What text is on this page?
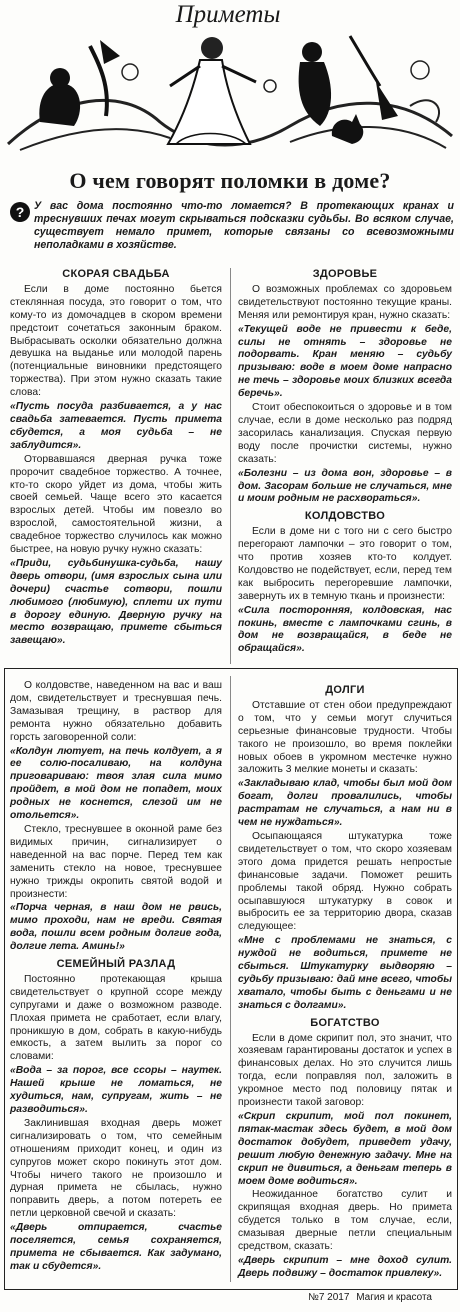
Приметы
О чем говорят поломки в доме?
? У вас дома постоянно что-то ломается? В протекающих кранах и треснувших печах могут скрываться подсказки судьбы. Во всяком случае, существует немало примет, которые связаны со всевозможными неполадками в хозяйстве.

СКОРАЯ СВАДЬБА

Если в доме постоянно бьется стеклянная посуда, это говорит о том, что кому-то из домочадцев в скором времени предстоит сочетаться законным браком. Выбрасывать осколки обязательно должна девушка на выданье или молодой парень (потенциальные виновники предстоящего торжества). При этом нужно сказать такие слова:

«Пусть посуда разбивается, а у нас свадьба затевается. Пусть примета сбудется, а моя судьба – не заблудится».

Оторвавшаяся дверная ручка тоже пророчит свадебное торжество. А точнее, кто-то скоро уйдет из дома, чтобы жить своей семьей. Чаще всего это касается взрослых детей. Чтобы им повезло во взрослой, самостоятельной жизни, а свадебное торжество случилось как можно быстрее, на новую ручку нужно сказать:

«Приди, судьбинушка-судьба, нашу дверь отвори, (имя взрослых сына или дочери) счастье сотвори, пошли любимого (любимую), сплети их пути в дорогу единую. Дверную ручку на место возвращаю, примете сбыться завещаю».

ЗДОРОВЬЕ

О возможных проблемах со здоровьем свидетельствуют постоянно текущие краны. Меняя или ремонтируя кран, нужно сказать:

«Текущей воде не привести к беде, силы не отнять – здоровье не подорвать. Кран меняю – судьбу призываю: воде в моем доме напрасно не течь – здоровье моих близких всегда беречь».

Стоит обеспокоиться о здоровье и в том случае, если в доме несколько раз подряд засорилась канализация. Спуская первую воду после прочистки системы, нужно сказать:

«Болезни – из дома вон, здоровье – в дом. Засорам больше не случаться, мне и моим родным не расхвораться».

КОЛДОВСТВО

Если в доме ни с того ни с сего быстро перегорают лампочки – это говорит о том, что против хозяев кто-то колдует. Колдовство не подействует, если, перед тем как выбросить перегоревшие лампочки, завернуть их в темную ткань и произнести:

«Сила посторонняя, колдовская, нас покинь, вместе с лампочками сгинь, в дом не возвращайся, в беде не обращайся».

О колдовстве, наведенном на вас и ваш дом, свидетельствует и треснувшая печь. Замазывая трещину, в раствор для ремонта нужно обязательно добавить горсть заговоренной соли:

«Колдун лютует, на печь колдует, а я ее солю-посаливаю, на колдуна приговариваю: твоя злая сила мимо пройдет, в мой дом не попадет, моих родных не коснется, слезой им не отольется».

Стекло, треснувшее в оконной раме без видимых причин, сигнализирует о наведенной на вас порче. Перед тем как заменить стекло на новое, треснувшее нужно трижды окропить святой водой и произнести:

«Порча черная, в наш дом не рвись, мимо проходи, нам не вреди. Святая вода, пошли всем родным долгие года, долгие лета. Аминь!»

СЕМЕЙНЫЙ РАЗЛАД

Постоянно протекающая крыша свидетельствует о крупной ссоре между супругами и даже о возможном разводе. Плохая примета не сработает, если влагу, проникшую в дом, собрать в какую-нибудь емкость, а затем вылить за порог со словами:

«Вода – за порог, все ссоры – наутек. Нашей крыше не ломаться, не худиться, нам, супругам, жить – не разводиться».

Заклинившая входная дверь может сигнализировать о том, что семейным отношениям приходит конец, и один из супругов может скоро покинуть этот дом. Чтобы ничего такого не произошло и дурная примета не сбылась, нужно поправить дверь, а потом потереть ее петли церковной свечой и сказать:

«Дверь отпирается, счастье поселяется, семья сохраняется, примета не сбывается. Как задумано, так и сбудется».

ДОЛГИ

Отставшие от стен обои предупреждают о том, что у семьи могут случиться серьезные финансовые трудности. Чтобы такого не произошло, во время поклейки новых обоев в укромном местечке нужно заложить 3 мелкие монеты и сказать:

«Закладываю клад, чтобы был мой дом богат, долги провалились, чтобы растратам не случаться, а нам ни в чем не нуждаться».

Осыпающаяся штукатурка тоже свидетельствует о том, что скоро хозяевам этого дома придется решать непростые финансовые задачи. Поможет решить проблемы такой обряд. Нужно собрать осыпавшуюся штукатурку в совок и выбросить ее за территорию двора, сказав следующее:

«Мне с проблемами не знаться, с нуждой не водиться, примете не сбыться. Штукатурку выдворяю – судьбу призываю: дай мне всего, чтобы хватало, чтобы быть с деньгами и не знаться с долгами».

БОГАТСТВО

Если в доме скрипит пол, это значит, что хозяевам гарантированы достаток и успех в финансовых делах. Но это случится лишь тогда, если поправляя пол, заложить в укромное место под половицу пятак и произнести такой заговор:

«Скрип скрипит, мой пол покинет, пятак-мастак здесь будет, в мой дом достаток добудет, приведет удачу, решит любую денежную задачу. Мне на скрип не дивиться, а деньгам теперь в моем доме водиться».

Неожиданное богатство сулит и скрипящая входная дверь. Но примета сбудется только в том случае, если, смазывая дверные петли специальным средством, сказать:

«Дверь скрипит – мне доход сулит. Дверь подвижу – достаток привлеку».

№7 2017 Магия и красота
